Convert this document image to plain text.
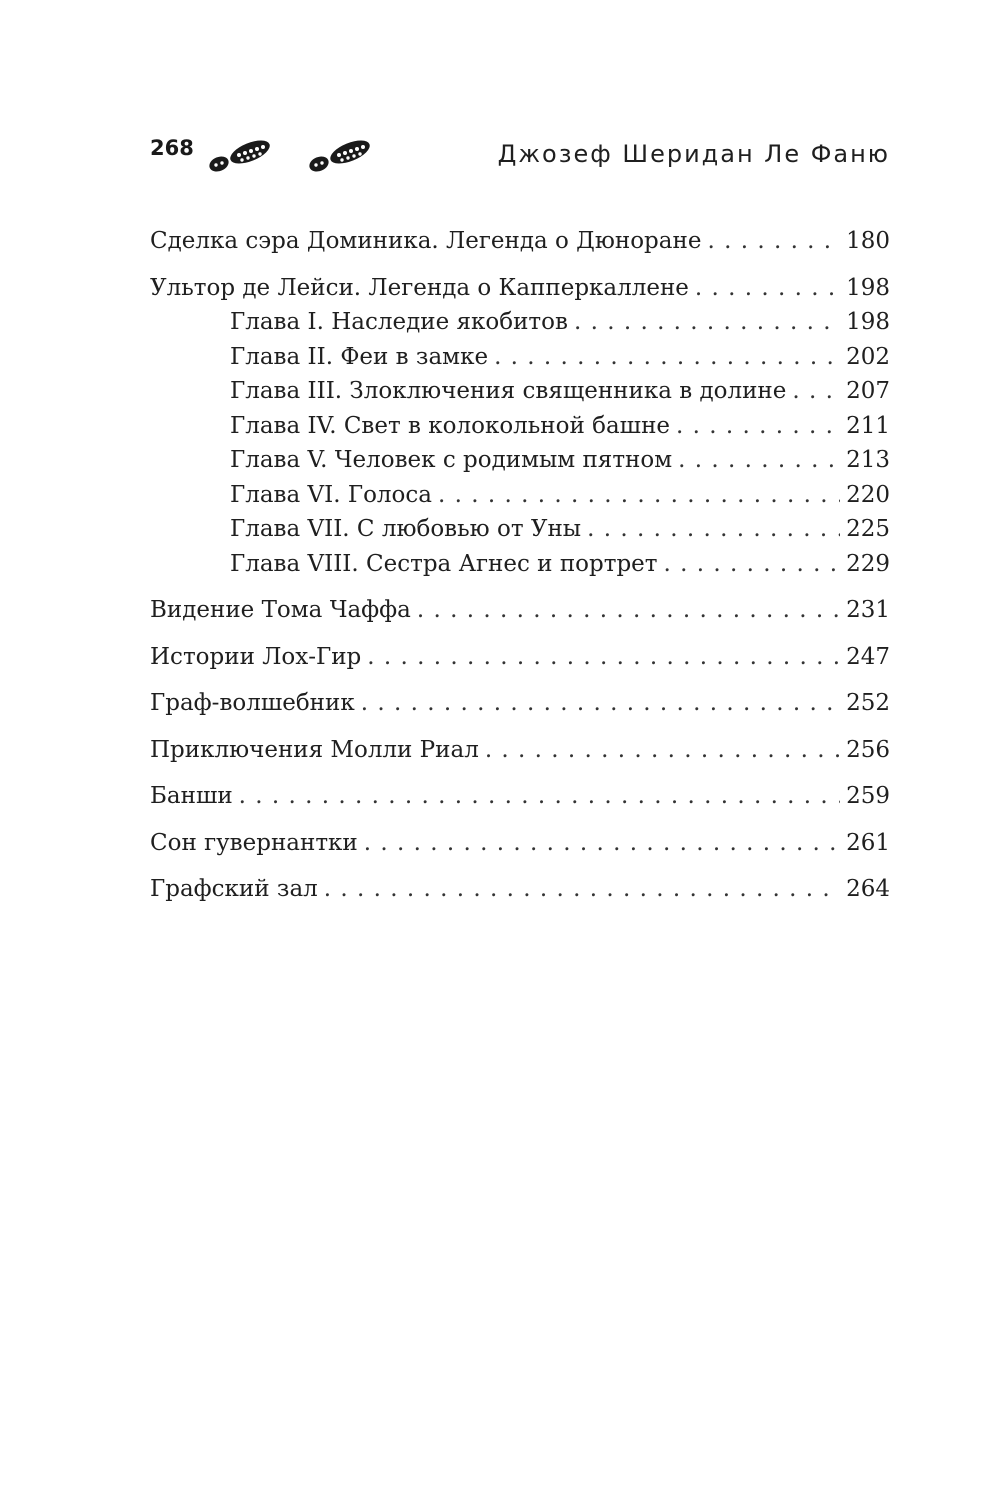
268	Джозеф Шеридан Ле Фаню
Сделка сэра Доминика. Легенда о Дюноране . . .	180
Ультор де Лейси. Легенда о Капперкаллене . . .	198
Глава I. Наследие якобитов . . .	198
Глава II. Феи в замке . . .	202
Глава III. Злоключения священника в долине . . .	207
Глава IV. Свет в колокольной башне . . .	211
Глава V. Человек с родимым пятном . . .	213
Глава VI. Голоса . . .	220
Глава VII. С любовью от Уны . . .	225
Глава VIII. Сестра Агнес и портрет . . .	229
Видение Тома Чаффа . . .	231
Истории Лох-Гир . . .	247
Граф-волшебник . . .	252
Приключения Молли Риал . . .	256
Банши . . .	259
Сон гувернантки . . .	261
Графский зал . . .	264
